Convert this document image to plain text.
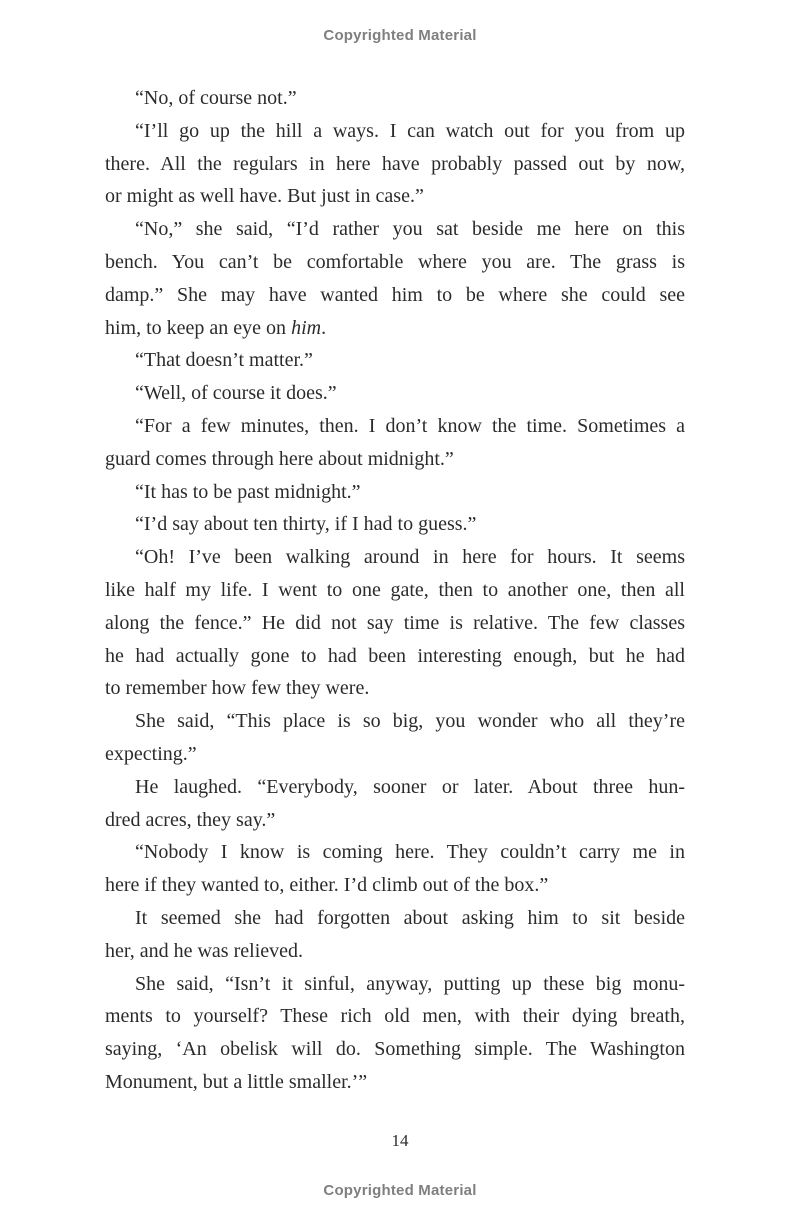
Copyrighted Material
“No, of course not.”
“I’ll go up the hill a ways. I can watch out for you from up
there. All the regulars in here have probably passed out by now,
or might as well have. But just in case.”
“No,” she said, “I’d rather you sat beside me here on this
bench. You can’t be comfortable where you are. The grass is
damp.” She may have wanted him to be where she could see
him, to keep an eye on him.
“That doesn’t matter.”
“Well, of course it does.”
“For a few minutes, then. I don’t know the time. Sometimes a
guard comes through here about midnight.”
“It has to be past midnight.”
“I’d say about ten thirty, if I had to guess.”
“Oh! I’ve been walking around in here for hours. It seems
like half my life. I went to one gate, then to another one, then all
along the fence.” He did not say time is relative. The few classes
he had actually gone to had been interesting enough, but he had
to remember how few they were.
She said, “This place is so big, you wonder who all they’re
expecting.”
He laughed. “Everybody, sooner or later. About three hun-
dred acres, they say.”
“Nobody I know is coming here. They couldn’t carry me in
here if they wanted to, either. I’d climb out of the box.”
It seemed she had forgotten about asking him to sit beside
her, and he was relieved.
She said, “Isn’t it sinful, anyway, putting up these big monu-
ments to yourself? These rich old men, with their dying breath,
saying, ‘An obelisk will do. Something simple. The Washington
Monument, but a little smaller.’”
14
Copyrighted Material
